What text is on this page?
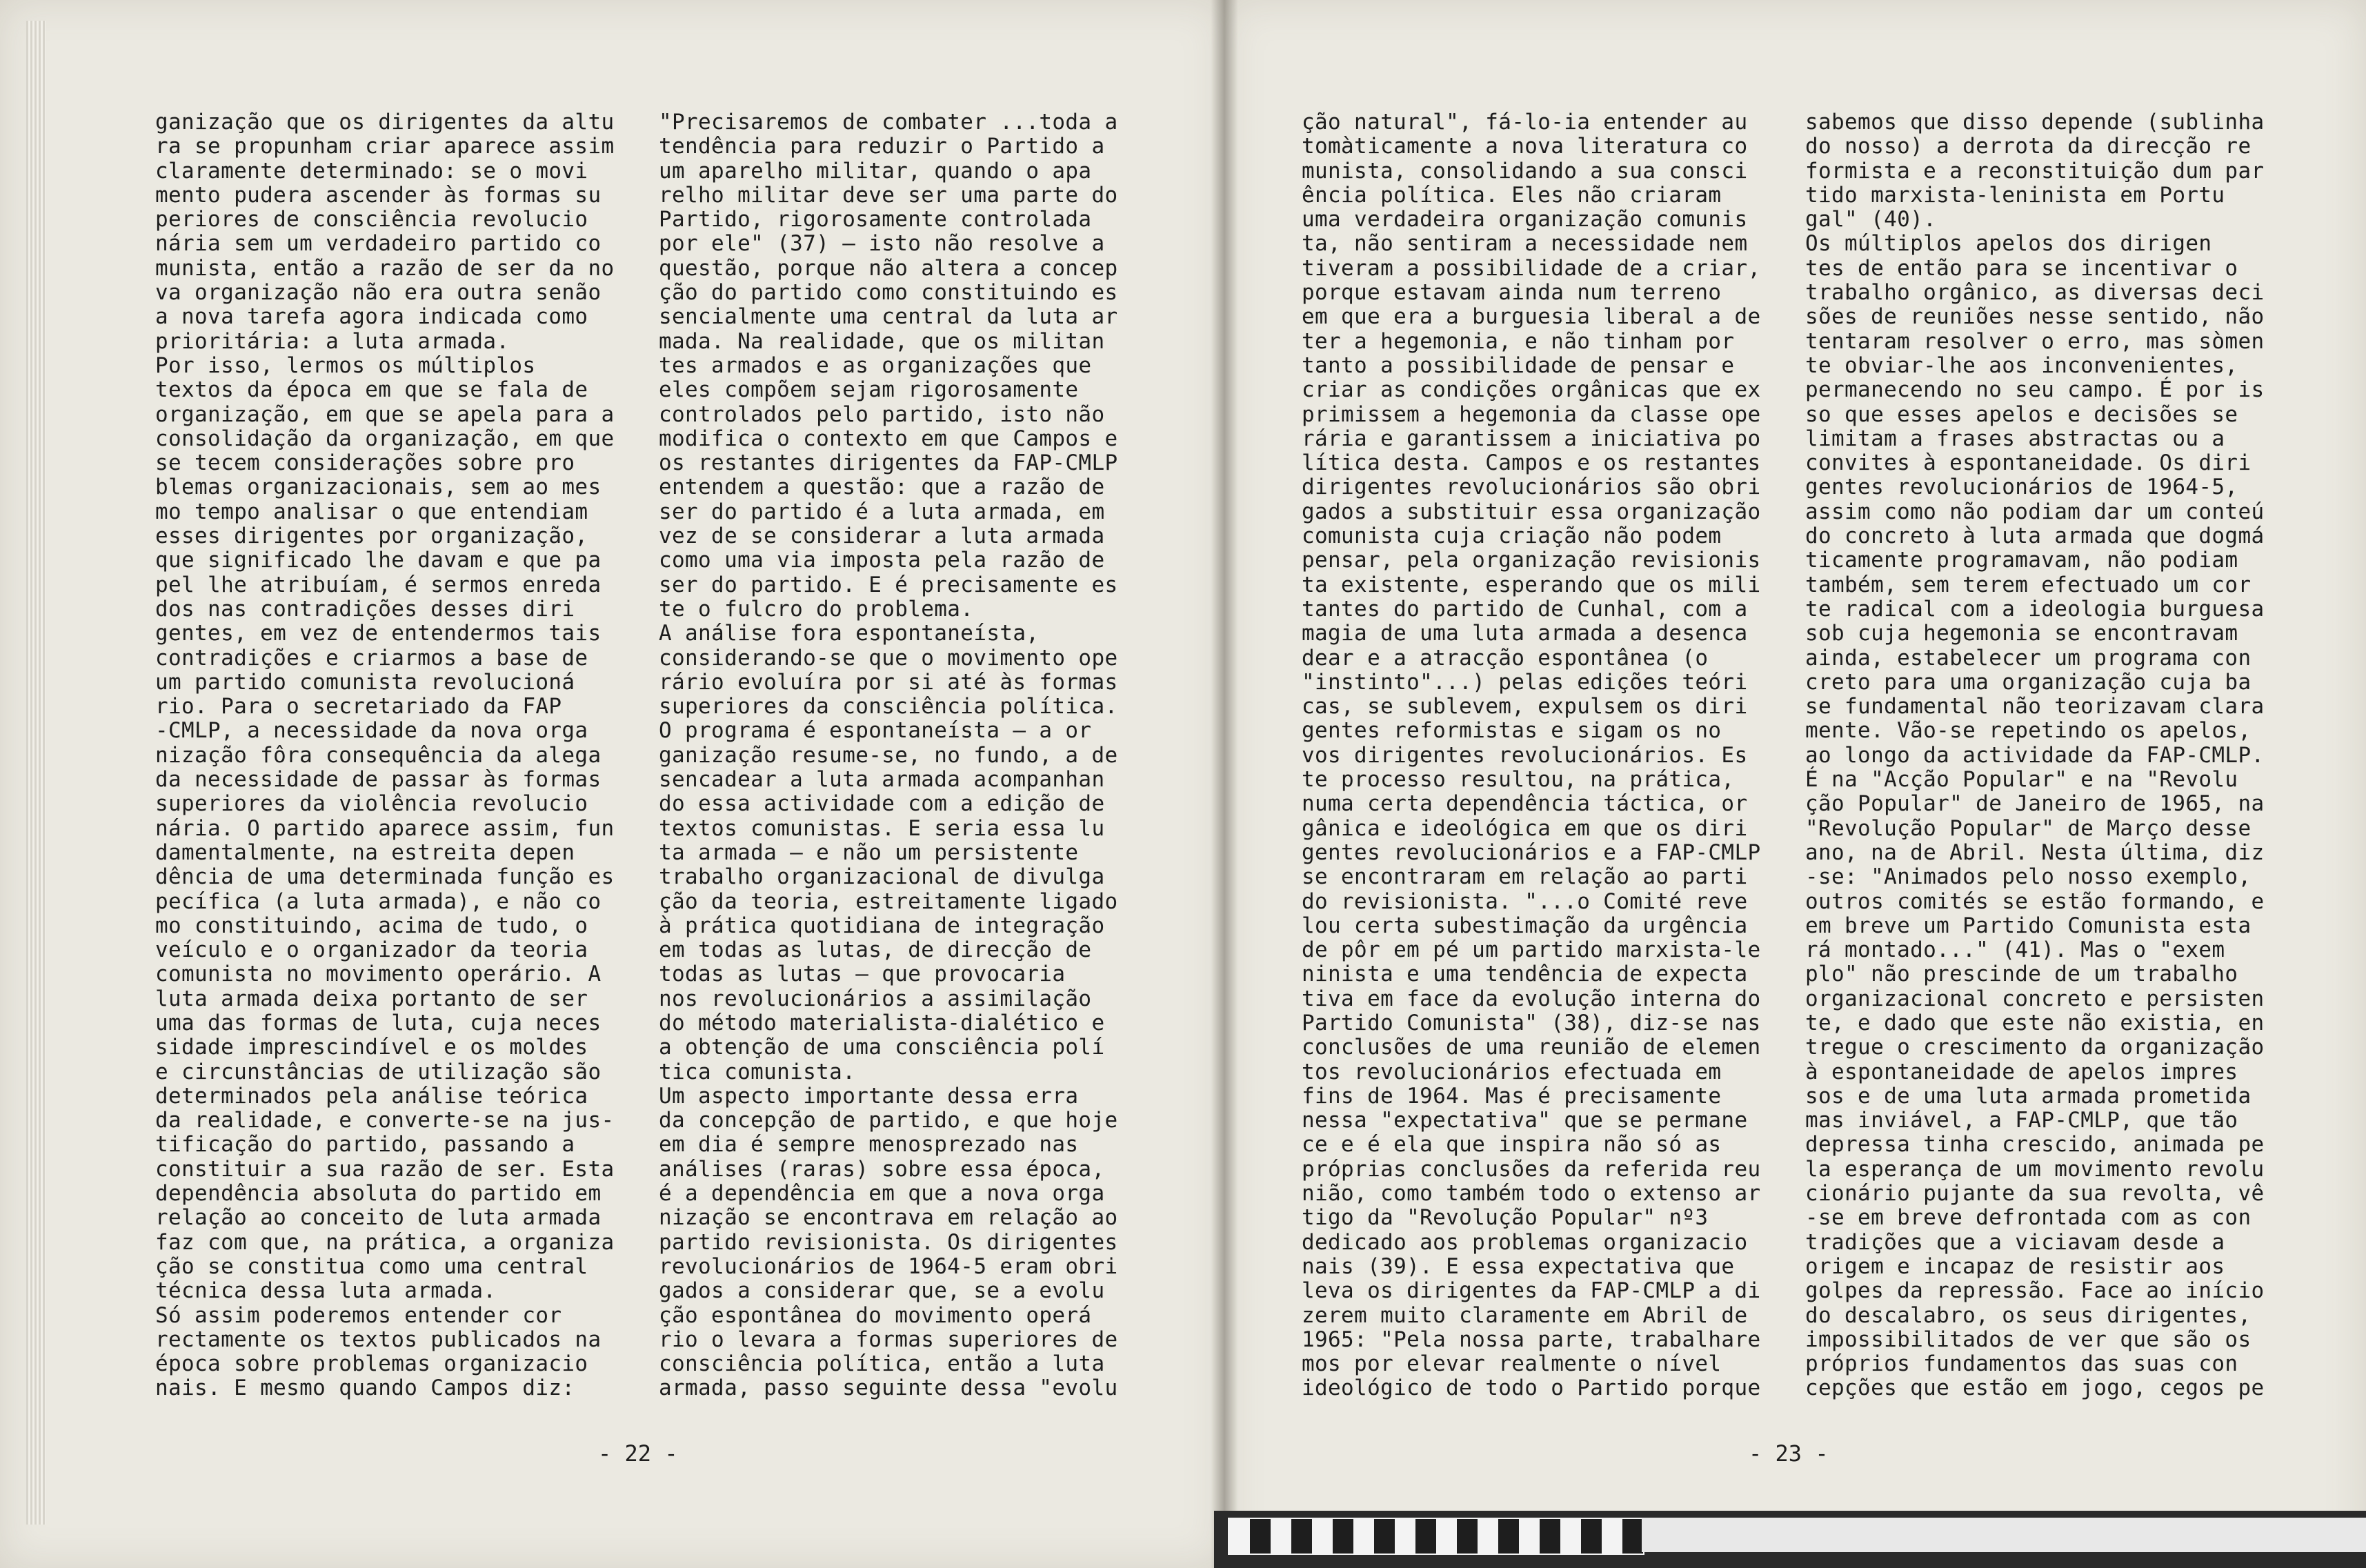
ganização que os dirigentes da altu

ra se propunham criar aparece assim

claramente determinado: se o movi

mento pudera ascender às formas su

periores de consciência revolucio

nária sem um verdadeiro partido co

munista, então a razão de ser da no

va organização não era outra senão

a nova tarefa agora indicada como

prioritária: a luta armada.

Por isso, lermos os múltiplos

textos da época em que se fala de

organização, em que se apela para a

consolidação da organização, em que

se tecem considerações sobre pro

blemas organizacionais, sem ao mes

mo tempo analisar o que entendiam

esses dirigentes por organização,

que significado lhe davam e que pa

pel lhe atribuíam, é sermos enreda

dos nas contradições desses diri

gentes, em vez de entendermos tais

contradições e criarmos a base de

um partido comunista revolucioná

rio. Para o secretariado da FAP

-CMLP, a necessidade da nova orga

nização fôra consequência da alega

da necessidade de passar às formas

superiores da violência revolucio

nária. O partido aparece assim, fun

damentalmente, na estreita depen

dência de uma determinada função es

pecífica (a luta armada), e não co

mo constituindo, acima de tudo, o

veículo e o organizador da teoria

comunista no movimento operário. A

luta armada deixa portanto de ser

uma das formas de luta, cuja neces

sidade imprescindível e os moldes

e circunstâncias de utilização são

determinados pela análise teórica

da realidade, e converte-se na jus-

tificação do partido, passando a

constituir a sua razão de ser. Esta

dependência absoluta do partido em

relação ao conceito de luta armada

faz com que, na prática, a organiza

ção se constitua como uma central

técnica dessa luta armada.

Só assim poderemos entender cor

rectamente os textos publicados na

época sobre problemas organizacio

nais. E mesmo quando Campos diz:

"Precisaremos de combater ...toda a

tendência para reduzir o Partido a

um aparelho militar, quando o apa

relho militar deve ser uma parte do

Partido, rigorosamente controlada

por ele" (37) — isto não resolve a

questão, porque não altera a concep

ção do partido como constituindo es

sencialmente uma central da luta ar

mada. Na realidade, que os militan

tes armados e as organizações que

eles compõem sejam rigorosamente

controlados pelo partido, isto não

modifica o contexto em que Campos e

os restantes dirigentes da FAP-CMLP

entendem a questão: que a razão de

ser do partido é a luta armada, em

vez de se considerar a luta armada

como uma via imposta pela razão de

ser do partido. E é precisamente es

te o fulcro do problema.

A análise fora espontaneísta,

considerando-se que o movimento ope

rário evoluíra por si até às formas

superiores da consciência política.

O programa é espontaneísta — a or

ganização resume-se, no fundo, a de

sencadear a luta armada acompanhan

do essa actividade com a edição de

textos comunistas. E seria essa lu

ta armada — e não um persistente

trabalho organizacional de divulga

ção da teoria, estreitamente ligado

à prática quotidiana de integração

em todas as lutas, de direcção de

todas as lutas — que provocaria

nos revolucionários a assimilação

do método materialista-dialético e

a obtenção de uma consciência polí

tica comunista.

Um aspecto importante dessa erra

da concepção de partido, e que hoje

em dia é sempre menosprezado nas

análises (raras) sobre essa época,

é a dependência em que a nova orga

nização se encontrava em relação ao

partido revisionista. Os dirigentes

revolucionários de 1964-5 eram obri

gados a considerar que, se a evolu

ção espontânea do movimento operá

rio o levara a formas superiores de

consciência política, então a luta

armada, passo seguinte dessa "evolu

- 22 -

ção natural", fá-lo-ia entender au

tomàticamente a nova literatura co

munista, consolidando a sua consci

ência política. Eles não criaram

uma verdadeira organização comunis

ta, não sentiram a necessidade nem

tiveram a possibilidade de a criar,

porque estavam ainda num terreno

em que era a burguesia liberal a de

ter a hegemonia, e não tinham por

tanto a possibilidade de pensar e

criar as condições orgânicas que ex

primissem a hegemonia da classe ope

rária e garantissem a iniciativa po

lítica desta. Campos e os restantes

dirigentes revolucionários são obri

gados a substituir essa organização

comunista cuja criação não podem

pensar, pela organização revisionis

ta existente, esperando que os mili

tantes do partido de Cunhal, com a

magia de uma luta armada a desenca

dear e a atracção espontânea (o

"instinto"...) pelas edições teóri

cas, se sublevem, expulsem os diri

gentes reformistas e sigam os no

vos dirigentes revolucionários. Es

te processo resultou, na prática,

numa certa dependência táctica, or

gânica e ideológica em que os diri

gentes revolucionários e a FAP-CMLP

se encontraram em relação ao parti

do revisionista. "...o Comité reve

lou certa subestimação da urgência

de pôr em pé um partido marxista-le

ninista e uma tendência de expecta

tiva em face da evolução interna do

Partido Comunista" (38), diz-se nas

conclusões de uma reunião de elemen

tos revolucionários efectuada em

fins de 1964. Mas é precisamente

nessa "expectativa" que se permane

ce e é ela que inspira não só as

próprias conclusões da referida reu

nião, como também todo o extenso ar

tigo da "Revolução Popular" nº3

dedicado aos problemas organizacio

nais (39). E essa expectativa que

leva os dirigentes da FAP-CMLP a di

zerem muito claramente em Abril de

1965: "Pela nossa parte, trabalhare

mos por elevar realmente o nível

ideológico de todo o Partido porque

sabemos que disso depende (sublinha

do nosso) a derrota da direcção re

formista e a reconstituição dum par

tido marxista-leninista em Portu

gal" (40).

Os múltiplos apelos dos dirigen

tes de então para se incentivar o

trabalho orgânico, as diversas deci

sões de reuniões nesse sentido, não

tentaram resolver o erro, mas sòmen

te obviar-lhe aos inconvenientes,

permanecendo no seu campo. É por is

so que esses apelos e decisões se

limitam a frases abstractas ou a

convites à espontaneidade. Os diri

gentes revolucionários de 1964-5,

assim como não podiam dar um conteú

do concreto à luta armada que dogmá

ticamente programavam, não podiam

também, sem terem efectuado um cor

te radical com a ideologia burguesa

sob cuja hegemonia se encontravam

ainda, estabelecer um programa con

creto para uma organização cuja ba

se fundamental não teorizavam clara

mente. Vão-se repetindo os apelos,

ao longo da actividade da FAP-CMLP.

É na "Acção Popular" e na "Revolu

ção Popular" de Janeiro de 1965, na

"Revolução Popular" de Março desse

ano, na de Abril. Nesta última, diz

-se: "Animados pelo nosso exemplo,

outros comités se estão formando, e

em breve um Partido Comunista esta

rá montado..." (41). Mas o "exem

plo" não prescinde de um trabalho

organizacional concreto e persisten

te, e dado que este não existia, en

tregue o crescimento da organização

à espontaneidade de apelos impres

sos e de uma luta armada prometida

mas inviável, a FAP-CMLP, que tão

depressa tinha crescido, animada pe

la esperança de um movimento revolu

cionário pujante da sua revolta, vê

-se em breve defrontada com as con

tradições que a viciavam desde a

origem e incapaz de resistir aos

golpes da repressão. Face ao início

do descalabro, os seus dirigentes,

impossibilitados de ver que são os

próprios fundamentos das suas con

cepções que estão em jogo, cegos pe

- 23 -
